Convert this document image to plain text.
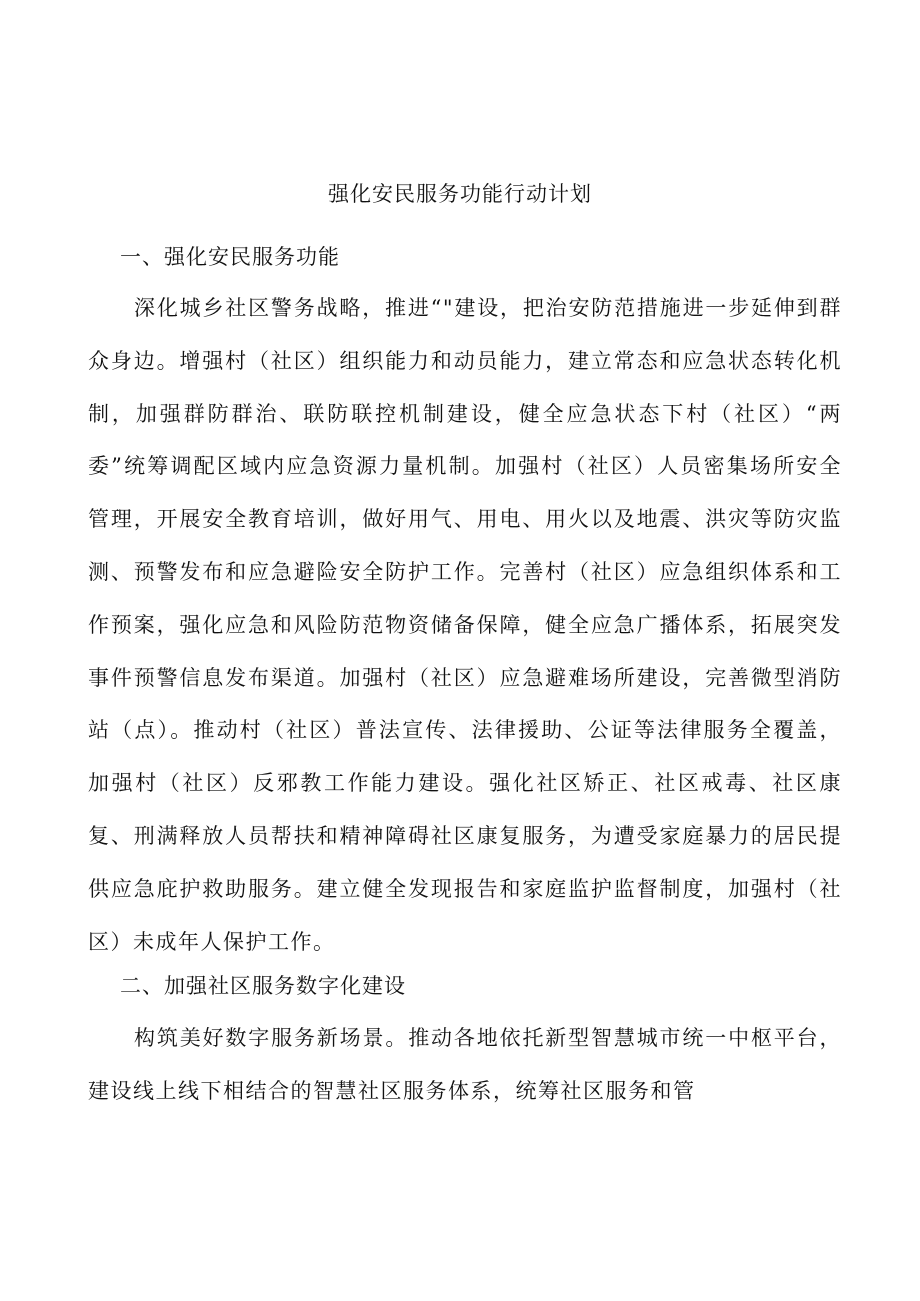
强化安民服务功能行动计划
一、强化安民服务功能

深化城乡社区警务战略，推进“"建设，把治安防范措施进一步延伸到群众身边。增强村（社区）组织能力和动员能力，建立常态和应急状态转化机制，加强群防群治、联防联控机制建设，健全应急状态下村（社区）“两委”统筹调配区域内应急资源力量机制。加强村（社区）人员密集场所安全管理，开展安全教育培训，做好用气、用电、用火以及地震、洪灾等防灾监测、预警发布和应急避险安全防护工作。完善村（社区）应急组织体系和工作预案，强化应急和风险防范物资储备保障，健全应急广播体系，拓展突发事件预警信息发布渠道。加强村（社区）应急避难场所建设，完善微型消防站（点）。推动村（社区）普法宣传、法律援助、公证等法律服务全覆盖，加强村（社区）反邪教工作能力建设。强化社区矫正、社区戒毒、社区康复、刑满释放人员帮扶和精神障碍社区康复服务，为遭受家庭暴力的居民提供应急庇护救助服务。建立健全发现报告和家庭监护监督制度，加强村（社区）未成年人保护工作。

二、加强社区服务数字化建设

构筑美好数字服务新场景。推动各地依托新型智慧城市统一中枢平台，建设线上线下相结合的智慧社区服务体系，统筹社区服务和管
